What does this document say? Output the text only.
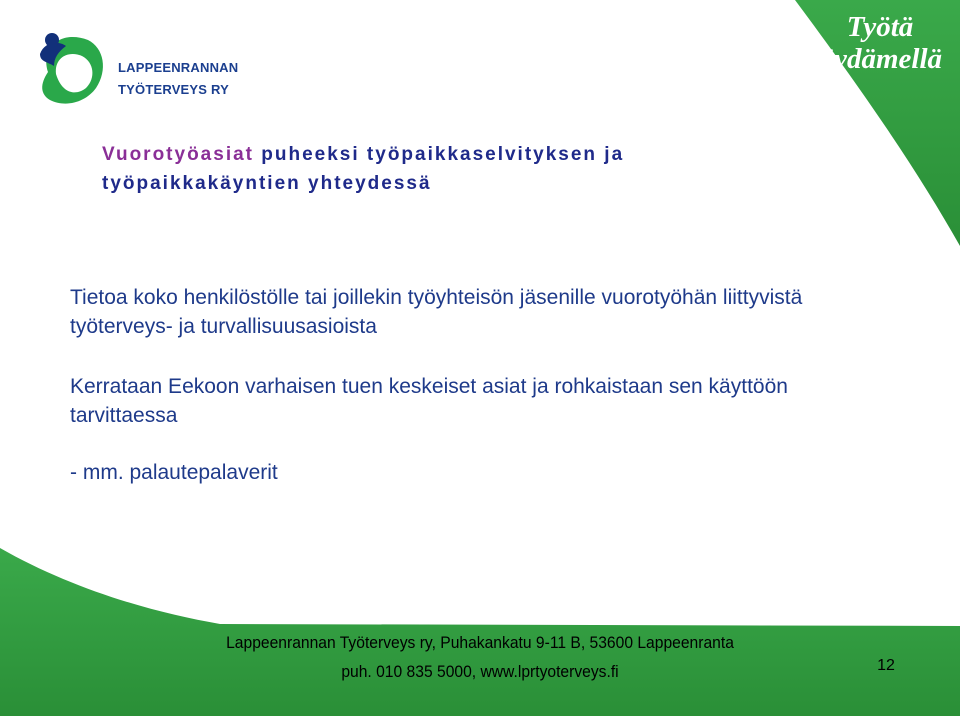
LAPPEENRANNAN
TYÖTERVEYS RY
Työtä
Sydämellä
Vuorotyöasiat puheeksi työpaikkaselvityksen ja työpaikkakäyntien yhteydessä
Tietoa koko henkilöstölle tai joillekin työyhteisön jäsenille vuorotyöhän liittyvistä työterveys- ja turvallisuusasioista
Kerrataan Eekoon varhaisen tuen keskeiset asiat ja rohkaistaan sen käyttöön tarvittaessa
- mm. palautepalaverit
Lappeenrannan Työterveys ry, Puhakankatu 9-11 B, 53600 Lappeenranta
puh. 010 835 5000, www.lprtyoterveys.fi	12
